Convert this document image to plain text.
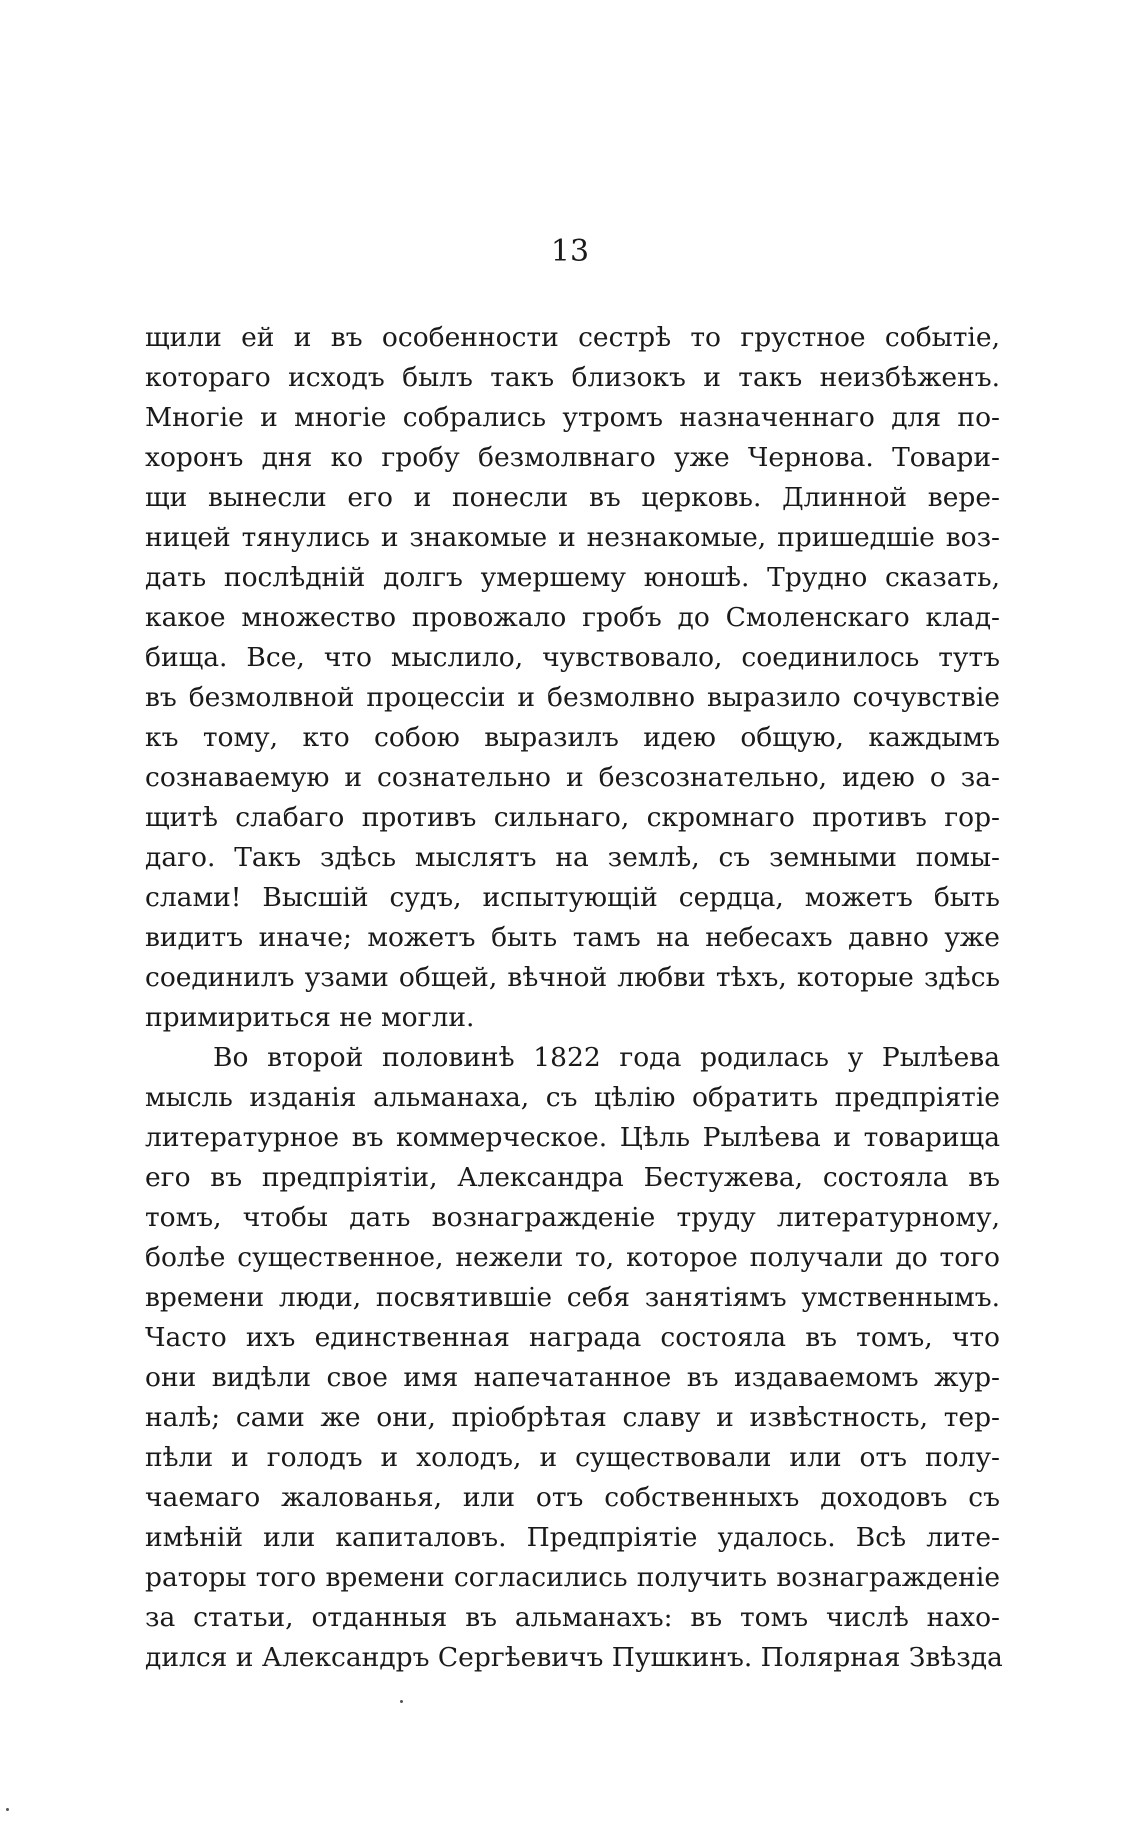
13
щили ей и въ особенности сестрѣ то грустное событіе,
котораго исходъ былъ такъ близокъ и такъ неизбѣженъ.
Многіе и многіе собрались утромъ назначеннаго для по-
хоронъ дня ко гробу безмолвнаго уже Чернова. Товари-
щи вынесли его и понесли въ церковь. Длинной вере-
ницей тянулись и знакомые и незнакомые, пришедшіе воз-
дать послѣдній долгъ умершему юношѣ. Трудно сказать,
какое множество провожало гробъ до Смоленскаго клад-
бища. Все, что мыслило, чувствовало, соединилось тутъ
въ безмолвной процессіи и безмолвно выразило сочувствіе
къ тому, кто собою выразилъ идею общую, каждымъ
сознаваемую и сознательно и безсознательно, идею о за-
щитѣ слабаго противъ сильнаго, скромнаго противъ гор-
даго. Такъ здѣсь мыслятъ на землѣ, съ земными помы-
слами! Высшій судъ, испытующій сердца, можетъ быть
видитъ иначе; можетъ быть тамъ на небесахъ давно уже
соединилъ узами общей, вѣчной любви тѣхъ, которые здѣсь
примириться не могли.
Во второй половинѣ 1822 года родилась у Рылѣева
мысль изданія альманаха, съ цѣлію обратить предпріятіе
литературное въ коммерческое. Цѣль Рылѣева и товарища
его въ предпріятіи, Александра Бестужева, состояла въ
томъ, чтобы дать вознагражденіе труду литературному,
болѣе существенное, нежели то, которое получали до того
времени люди, посвятившіе себя занятіямъ умственнымъ.
Часто ихъ единственная награда состояла въ томъ, что
они видѣли свое имя напечатанное въ издаваемомъ жур-
налѣ; сами же они, пріобрѣтая славу и извѣстность, тер-
пѣли и голодъ и холодъ, и существовали или отъ полу-
чаемаго жалованья, или отъ собственныхъ доходовъ съ
имѣній или капиталовъ. Предпріятіе удалось. Всѣ лите-
раторы того времени согласились получить вознагражденіе
за статьи, отданныя въ альманахъ: въ томъ числѣ нахо-
дился и Александръ Сергѣевичъ Пушкинъ. Полярная Звѣзда
